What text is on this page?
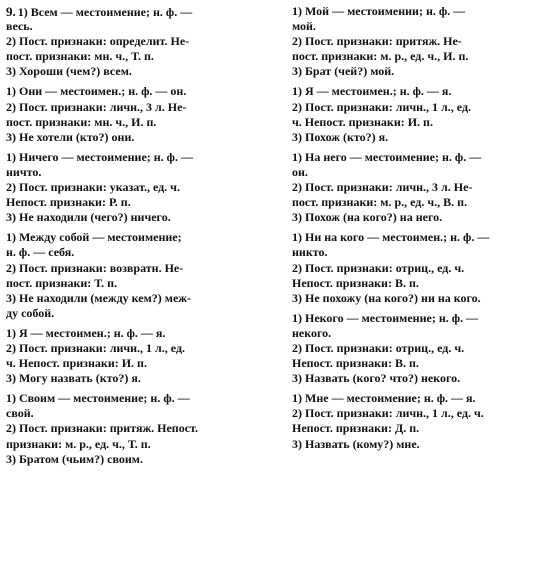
9. 1) Всем — местоимение; н. ф. —
весь.
2) Пост. признаки: определит. Не-
пост. признаки: мн. ч., Т. п.
3) Хороши (чем?) всем.
1) Они — местоимен.; н. ф. — он.
2) Пост. признаки: личн., 3 л. Не-
пост. признаки: мн. ч., И. п.
3) Не хотели (кто?) они.
1) Ничего — местоимение; н. ф. —
ничто.
2) Пост. признаки: указат., ед. ч.
Непост. признаки: Р. п.
3) Не находили (чего?) ничего.
1) Между собой — местоимение;
н. ф. — себя.
2) Пост. признаки: возвратн. Не-
пост. признаки: Т. п.
3) Не находили (между кем?) меж-
ду собой.
1) Я — местоимен.; н. ф. — я.
2) Пост. признаки: личн., 1 л., ед.
ч. Непост. признаки: И. п.
3) Могу назвать (кто?) я.
1) Своим — местоимение; н. ф. —
свой.
2) Пост. признаки: притяж. Непост.
признаки: м. р., ед. ч., Т. п.
3) Братом (чьим?) своим.
1) Мой — местоимении; н. ф. —
мой.
2) Пост. признаки: притяж. Не-
пост. признаки: м. р., ед. ч., И. п.
3) Брат (чей?) мой.
1) Я — местоимен.; н. ф. — я.
2) Пост. признаки: личн., 1 л., ед.
ч. Непост. признаки: И. п.
3) Похож (кто?) я.
1) На него — местоимение; н. ф. —
он.
2) Пост. признаки: личн., 3 л. Не-
пост. признаки: м. р., ед. ч., В. п.
3) Похож (на кого?) на него.
1) Ни на кого — местоимен.; н. ф. —
никто.
2) Пост. признаки: отриц., ед. ч.
Непост. признаки: В. п.
3) Не похожу (на кого?) ни на кого.
1) Некого — местоимение; н. ф. —
некого.
2) Пост. признаки: отриц., ед. ч.
Непост. признаки: В. п.
3) Назвать (кого? что?) некого.
1) Мне — местоимение; н. ф. — я.
2) Пост. признаки: личн., 1 л., ед. ч.
Непост. признаки: Д. п.
3) Назвать (кому?) мне.
